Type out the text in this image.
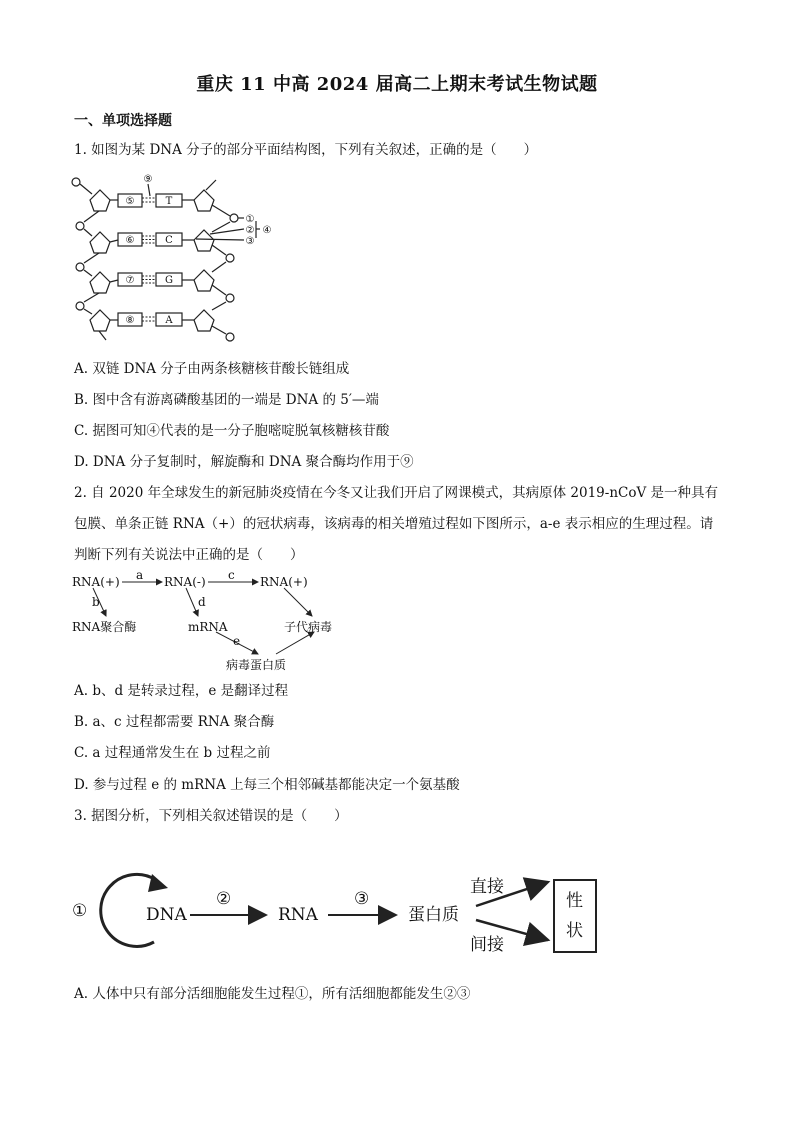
重庆 11 中高 2024 届高二上期末考试生物试题
一、单项选择题
1. 如图为某 DNA 分子的部分平面结构图，下列有关叙述，正确的是（　　）
⑤
⑥
⑦
⑧
T
C
G
A
⑨
①
②
③
④
A. 双链 DNA 分子由两条核糖核苷酸长链组成
B. 图中含有游离磷酸基团的一端是 DNA 的 5′—端
C. 据图可知④代表的是一分子胞嘧啶脱氧核糖核苷酸
D. DNA 分子复制时，解旋酶和 DNA 聚合酶均作用于⑨
2. 自 2020 年全球发生的新冠肺炎疫情在今冬又让我们开启了网课模式，其病原体 2019-nCoV 是一种具有
包膜、单条正链 RNA（+）的冠状病毒，该病毒的相关增殖过程如下图所示，a-e 表示相应的生理过程。请
判断下列有关说法中正确的是（　　）
RNA(+)	RNA(-)	RNA(+)
RNA聚合酶	mRNA	子代病毒
病毒蛋白质
a
b
c
d
e
A. b、d 是转录过程，e 是翻译过程
B. a、c 过程都需要 RNA 聚合酶
C. a 过程通常发生在 b 过程之前
D. 参与过程 e 的 mRNA 上每三个相邻碱基都能决定一个氨基酸
3. 据图分析，下列相关叙述错误的是（　　）
①	DNA
②
RNA
③
蛋白质
直接
间接
性
状
A. 人体中只有部分活细胞能发生过程①，所有活细胞都能发生②③
